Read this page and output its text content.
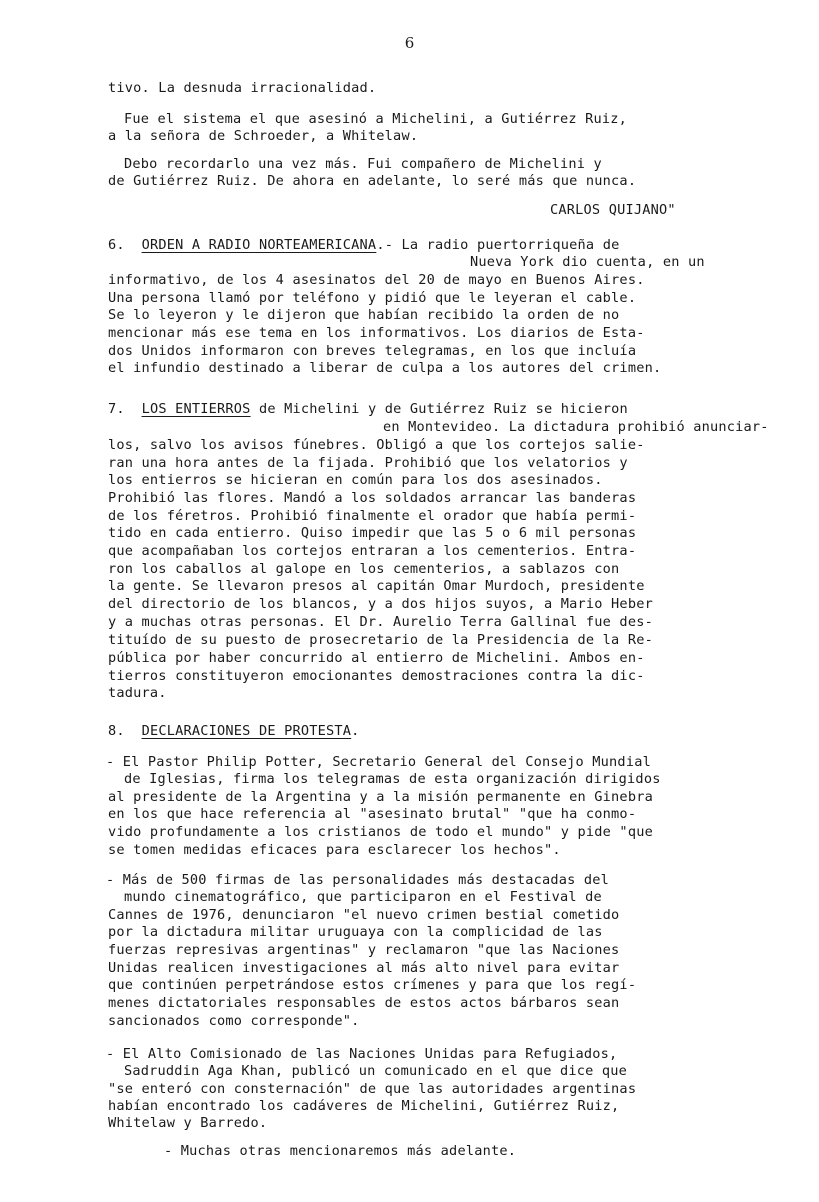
6
tivo. La desnuda irracionalidad.
Fue el sistema el que asesinó a Michelini, a Gutiérrez Ruiz,
a la señora de Schroeder, a Whitelaw.
Debo recordarlo una vez más. Fui compañero de Michelini y
de Gutiérrez Ruiz. De ahora en adelante, lo seré más que nunca.
CARLOS QUIJANO"
6. ORDEN A RADIO NORTEAMERICANA.- La radio puertorriqueña de
Nueva York dio cuenta, en un
informativo, de los 4 asesinatos del 20 de mayo en Buenos Aires.
Una persona llamó por teléfono y pidió que le leyeran el cable.
Se lo leyeron y le dijeron que habían recibido la orden de no
mencionar más ese tema en los informativos. Los diarios de Esta-
dos Unidos informaron con breves telegramas, en los que incluía
el infundio destinado a liberar de culpa a los autores del crimen.
7. LOS ENTIERROS de Michelini y de Gutiérrez Ruiz se hicieron
en Montevideo. La dictadura prohibió anunciar-
los, salvo los avisos fúnebres. Obligó a que los cortejos salie-
ran una hora antes de la fijada. Prohibió que los velatorios y
los entierros se hicieran en común para los dos asesinados.
Prohibió las flores. Mandó a los soldados arrancar las banderas
de los féretros. Prohibió finalmente el orador que había permi-
tido en cada entierro. Quiso impedir que las 5 o 6 mil personas
que acompañaban los cortejos entraran a los cementerios. Entra-
ron los caballos al galope en los cementerios, a sablazos con
la gente. Se llevaron presos al capitán Omar Murdoch, presidente
del directorio de los blancos, y a dos hijos suyos, a Mario Heber
y a muchas otras personas. El Dr. Aurelio Terra Gallinal fue des-
tituído de su puesto de prosecretario de la Presidencia de la Re-
pública por haber concurrido al entierro de Michelini. Ambos en-
tierros constituyeron emocionantes demostraciones contra la dic-
tadura.
8. DECLARACIONES DE PROTESTA.
- El Pastor Philip Potter, Secretario General del Consejo Mundial
de Iglesias, firma los telegramas de esta organización dirigidos
al presidente de la Argentina y a la misión permanente en Ginebra
en los que hace referencia al "asesinato brutal" "que ha conmo-
vido profundamente a los cristianos de todo el mundo" y pide "que
se tomen medidas eficaces para esclarecer los hechos".
- Más de 500 firmas de las personalidades más destacadas del
mundo cinematográfico, que participaron en el Festival de
Cannes de 1976, denunciaron "el nuevo crimen bestial cometido
por la dictadura militar uruguaya con la complicidad de las
fuerzas represivas argentinas" y reclamaron "que las Naciones
Unidas realicen investigaciones al más alto nivel para evitar
que continúen perpetrándose estos crímenes y para que los regí-
menes dictatoriales responsables de estos actos bárbaros sean
sancionados como corresponde".
- El Alto Comisionado de las Naciones Unidas para Refugiados,
Sadruddin Aga Khan, publicó un comunicado en el que dice que
"se enteró con consternación" de que las autoridades argentinas
habían encontrado los cadáveres de Michelini, Gutiérrez Ruiz,
Whitelaw y Barredo.
- Muchas otras mencionaremos más adelante.
